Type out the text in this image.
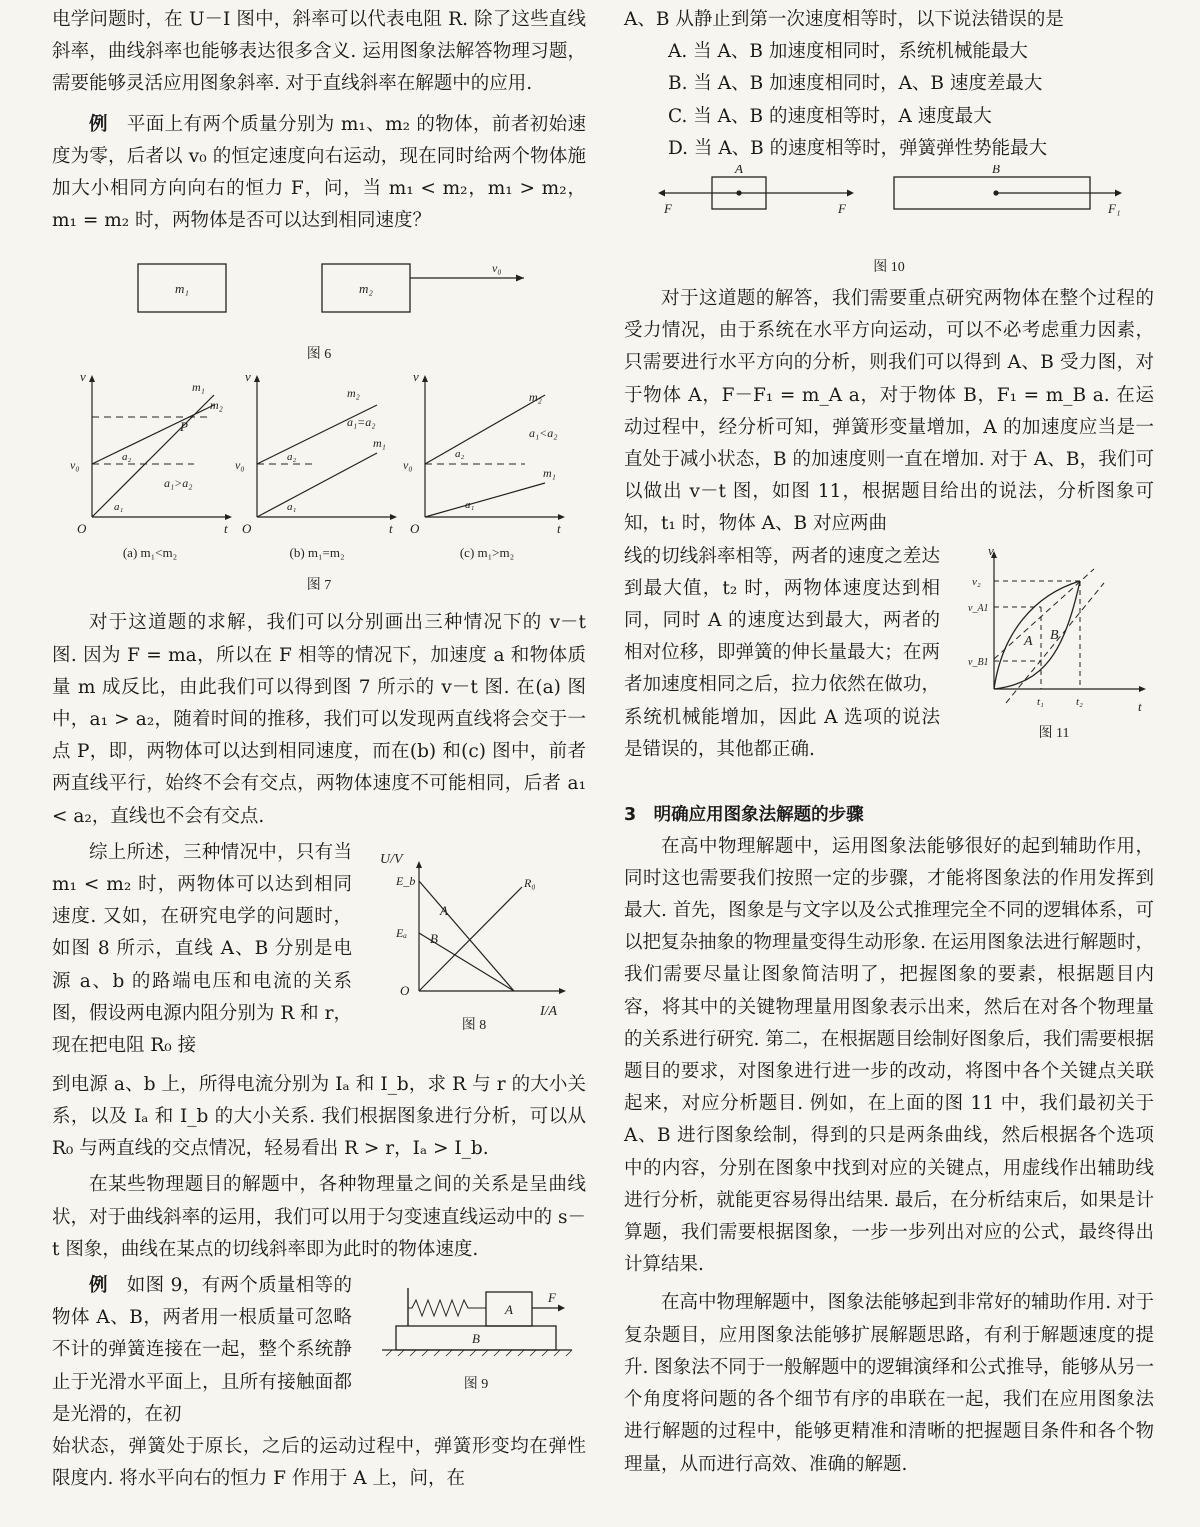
电学问题时，在 U－I 图中，斜率可以代表电阻 R. 除了这些直线斜率，曲线斜率也能够表达很多含义. 运用图象法解答物理习题，需要能够灵活应用图象斜率. 对于直线斜率在解题中的应用.

例　 平面上有两个质量分别为 m₁、m₂ 的物体，前者初始速度为零，后者以 v₀ 的恒定速度向右运动，现在同时给两个物体施加大小相同方向向右的恒力 F，问，当 m₁ < m₂，m₁ > m₂，m₁ = m₂ 时，两物体是否可以达到相同速度？

m₁	m₂
v₀
图 6
v
t
O
v₀
m₁
m₂
P
a₂
a₁
a₁>a₂
(a) m₁<m₂
v
t
O
v₀
m₂
m₁
a₁=a₂
a₂
a₁
(b) m₁=m₂
v
t
O
v₀
m₂
m₁
a₁<a₂
a₂
a₁
(c) m₁>m₂
图 7

对于这道题的求解，我们可以分别画出三种情况下的 v－t 图. 因为 F = ma，所以在 F 相等的情况下，加速度 a 和物体质量 m 成反比，由此我们可以得到图 7 所示的 v－t 图. 在(a) 图中，a₁ > a₂，随着时间的推移，我们可以发现两直线将会交于一点 P，即，两物体可以达到相同速度，而在(b) 和(c) 图中，前者两直线平行，始终不会有交点，两物体速度不可能相同，后者 a₁ < a₂，直线也不会有交点.

综上所述，三种情况中，只有当 m₁ < m₂ 时，两物体可以达到相同速度. 又如，在研究电学的问题时，如图 8 所示，直线 A、B 分别是电源 a、b 的路端电压和电流的关系图，假设两电源内阻分别为 R 和 r，现在把电阻 R₀ 接

U/V
I/A
O
E_b
Eₐ
A
B
R₀
图 8

到电源 a、b 上，所得电流分别为 Iₐ 和 I_b，求 R 与 r 的大小关系，以及 Iₐ 和 I_b 的大小关系. 我们根据图象进行分析，可以从 R₀ 与两直线的交点情况，轻易看出 R > r，Iₐ > I_b.

在某些物理题目的解题中，各种物理量之间的关系是呈曲线状，对于曲线斜率的运用，我们可以用于匀变速直线运动中的 s－t 图象，曲线在某点的切线斜率即为此时的物体速度.

例　 如图 9，有两个质量相等的物体 A、B，两者用一根质量可忽略不计的弹簧连接在一起，整个系统静止于光滑水平面上，且所有接触面都是光滑的，在初

A
B
F
图 9

始状态，弹簧处于原长，之后的运动过程中，弹簧形变均在弹性限度内. 将水平向右的恒力 F 作用于 A 上，问，在

A、B 从静止到第一次速度相等时，以下说法错误的是

A. 当 A、B 加速度相同时，系统机械能最大

B. 当 A、B 加速度相同时，A、B 速度差最大

C. 当 A、B 的速度相等时，A 速度最大

D. 当 A、B 的速度相等时，弹簧弹性势能最大

A	B
F	F	F₁
图 10

对于这道题的解答，我们需要重点研究两物体在整个过程的受力情况，由于系统在水平方向运动，可以不必考虑重力因素，只需要进行水平方向的分析，则我们可以得到 A、B 受力图，对于物体 A，F－F₁ = m_A a，对于物体 B，F₁ = m_B a. 在运动过程中，经分析可知，弹簧形变量增加，A 的加速度应当是一直处于减小状态，B 的加速度则一直在增加. 对于 A、B，我们可以做出 v－t 图，如图 11，根据题目给出的说法，分析图象可知，t₁ 时，物体 A、B 对应两曲

线的切线斜率相等，两者的速度之差达到最大值，t₂ 时，两物体速度达到相同，同时 A 的速度达到最大，两者的相对位移，即弹簧的伸长量最大；在两者加速度相同之后，拉力依然在做功，系统机械能增加，因此 A 选项的说法是错误的，其他都正确.

v
t
v₂
v_A1
v_B1
t₁	t₂
A B
图 11

3　明确应用图象法解题的步骤

在高中物理解题中，运用图象法能够很好的起到辅助作用，同时这也需要我们按照一定的步骤，才能将图象法的作用发挥到最大. 首先，图象是与文字以及公式推理完全不同的逻辑体系，可以把复杂抽象的物理量变得生动形象. 在运用图象法进行解题时，我们需要尽量让图象简洁明了，把握图象的要素，根据题目内容，将其中的关键物理量用图象表示出来，然后在对各个物理量的关系进行研究. 第二，在根据题目绘制好图象后，我们需要根据题目的要求，对图象进行进一步的改动，将图中各个关键点关联起来，对应分析题目. 例如，在上面的图 11 中，我们最初关于 A、B 进行图象绘制，得到的只是两条曲线，然后根据各个选项中的内容，分别在图象中找到对应的关键点，用虚线作出辅助线进行分析，就能更容易得出结果. 最后，在分析结束后，如果是计算题，我们需要根据图象，一步一步列出对应的公式，最终得出计算结果.

在高中物理解题中，图象法能够起到非常好的辅助作用. 对于复杂题目，应用图象法能够扩展解题思路，有利于解题速度的提升. 图象法不同于一般解题中的逻辑演绎和公式推导，能够从另一个角度将问题的各个细节有序的串联在一起，我们在应用图象法进行解题的过程中，能够更精准和清晰的把握题目条件和各个物理量，从而进行高效、准确的解题.
